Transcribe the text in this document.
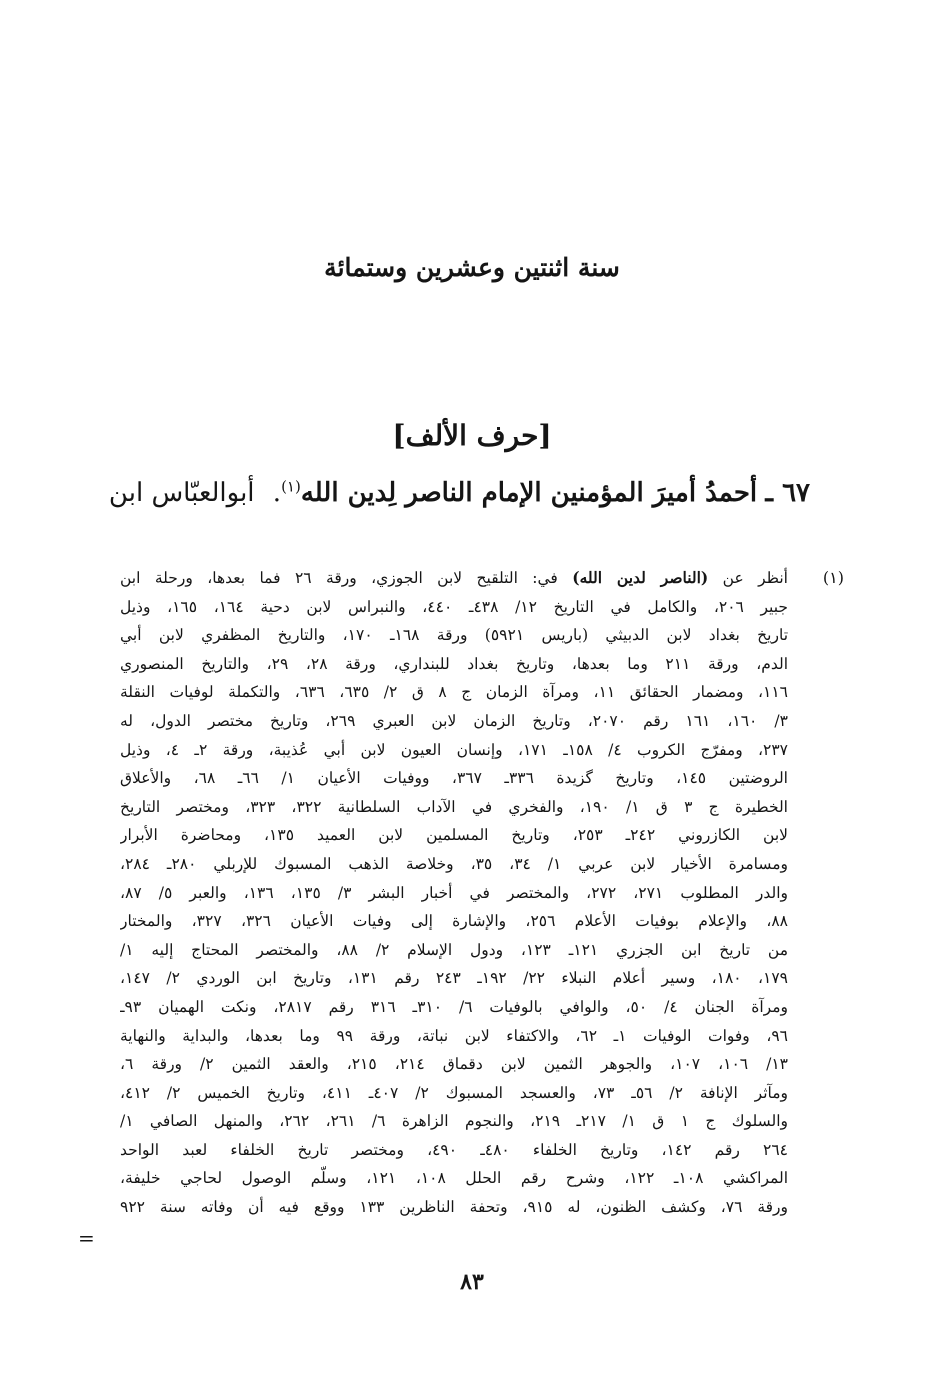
سنة اثنتين وعشرين وستمائة
[حرف الألف]

٦٧ ـ أحمدُ أميرَ المؤمنين الإمام الناصر لِدين الله$^{(١)}$. أبوالعبّاس ابن

(١)
أنظر عن (الناصر لدين الله) في: التلقيح لابن الجوزي، ورقة ٢٦ فما بعدها، ورحلة ابن
جبير ٢٠٦، والكامل في التاريخ ١٢/ ٤٣٨ـ ٤٤٠، والنبراس لابن دحية ١٦٤، ١٦٥، وذيل
تاريخ بغداد لابن الدبيثي (باريس ٥٩٢١) ورقة ١٦٨ـ ١٧٠، والتاريخ المظفري لابن أبي
الدم، ورقة ٢١١ وما بعدها، وتاريخ بغداد للبنداري، ورقة ٢٨، ٢٩، والتاريخ المنصوري
١١٦، ومضمار الحقائق ١١، ومرآة الزمان ج ٨ ق ٢/ ٦٣٥، ٦٣٦، والتكملة لوفيات النقلة
٣/ ١٦٠، ١٦١ رقم ٢٠٧٠، وتاريخ الزمان لابن العبري ٢٦٩، وتاريخ مختصر الدول، له
٢٣٧، ومفرّج الكروب ٤/ ١٥٨ـ ١٧١، وإنسان العيون لابن أبي عُذيبة، ورقة ٢ـ ٤، وذيل
الروضتين ١٤٥، وتاريخ گزيدة ٣٣٦ـ ٣٦٧، ووفيات الأعيان ١/ ٦٦ـ ٦٨، والأعلاق
الخطيرة ج ٣ ق ١/ ١٩٠، والفخري في الآداب السلطانية ٣٢٢، ٣٢٣، ومختصر التاريخ
لابن الكازروني ٢٤٢ـ ٢٥٣، وتاريخ المسلمين لابن العميد ١٣٥، ومحاضرة الأبرار
ومسامرة الأخيار لابن عربي ١/ ٣٤، ٣٥، وخلاصة الذهب المسبوك للإربلي ٢٨٠ـ ٢٨٤،
والدر المطلوب ٢٧١، ٢٧٢، والمختصر في أخبار البشر ٣/ ١٣٥، ١٣٦، والعبر ٥/ ٨٧،
٨٨، والإعلام بوفيات الأعلام ٢٥٦، والإشارة إلى وفيات الأعيان ٣٢٦، ٣٢٧، والمختار
من تاريخ ابن الجزري ١٢١ـ ١٢٣، ودول الإسلام ٢/ ٨٨، والمختصر المحتاج إليه ١/
١٧٩، ١٨٠، وسير أعلام النبلاء ٢٢/ ١٩٢ـ ٢٤٣ رقم ١٣١، وتاريخ ابن الوردي ٢/ ١٤٧،
ومرآة الجنان ٤/ ٥٠، والوافي بالوفيات ٦/ ٣١٠ـ ٣١٦ رقم ٢٨١٧، ونكت الهميان ٩٣ـ
٩٦، وفوات الوفيات ١ـ ٦٢، والاكتفاء لابن نباتة، ورقة ٩٩ وما بعدها، والبداية والنهاية
١٣/ ١٠٦، ١٠٧، والجوهر الثمين لابن دقماق ٢١٤، ٢١٥، والعقد الثمين ٢/ ورقة ٦،
ومآثر الإنافة ٢/ ٥٦ـ ٧٣، والعسجد المسبوك ٢/ ٤٠٧ـ ٤١١، وتاريخ الخميس ٢/ ٤١٢،
والسلوك ج ١ ق ١/ ٢١٧ـ ٢١٩، والنجوم الزاهرة ٦/ ٢٦١، ٢٦٢، والمنهل الصافي ١/
٢٦٤ رقم ١٤٢، وتاريخ الخلفاء ٤٨٠ـ ٤٩٠، ومختصر تاريخ الخلفاء لعبد الواحد
المراكشي ١٠٨ـ ١٢٢، وشرح رقم الحلل ١٠٨، ١٢١، وسلّم الوصول لحاجي خليفة،
ورقة ٧٦، وكشف الظنون، له ٩١٥، وتحفة الناظرين ١٣٣ ووقع فيه أن وفاته سنة ٩٢٢
=
٨٣
